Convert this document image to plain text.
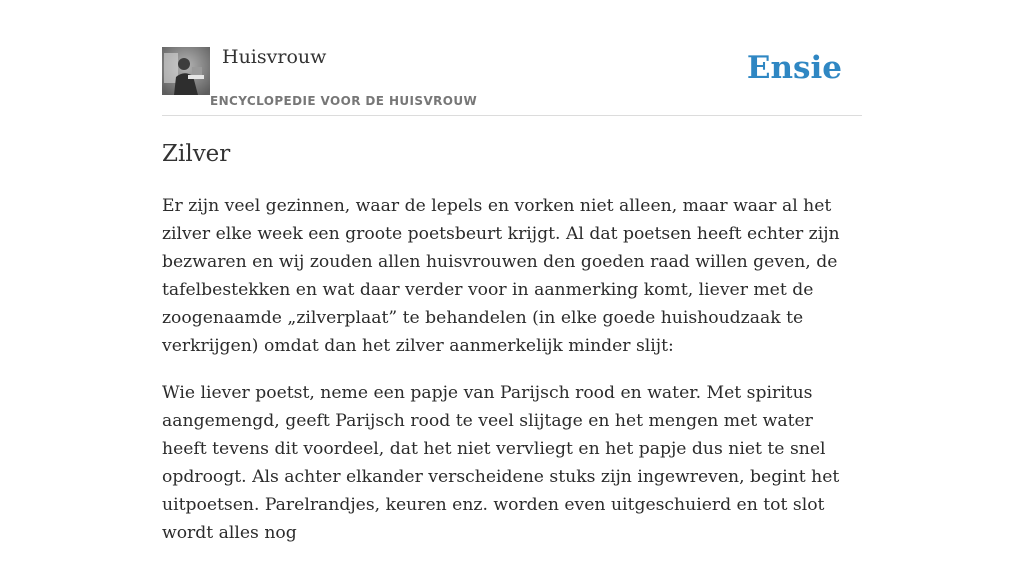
Huisvrouw
ENCYCLOPEDIE VOOR DE HUISVROUW
Ensie
Zilver

Er zijn veel gezinnen, waar de lepels en vorken niet alleen, maar waar al het zilver elke week een groote poetsbeurt krijgt. Al dat poetsen heeft echter zijn bezwaren en wij zouden allen huisvrouwen den goeden raad willen geven, de tafelbestekken en wat daar verder voor in aanmerking komt, liever met de zoogenaamde „zilverplaat” te behandelen (in elke goede huishoudzaak te verkrijgen) omdat dan het zilver aanmerkelijk minder slijt:

Wie liever poetst, neme een papje van Parijsch rood en water. Met spiritus aangemengd, geeft Parijsch rood te veel slijtage en het mengen met water heeft tevens dit voordeel, dat het niet vervliegt en het papje dus niet te snel opdroogt. Als achter elkander verscheidene stuks zijn ingewreven, begint het uitpoetsen. Parelrandjes, keuren enz. worden even uitgeschuierd en tot slot wordt alles nog
